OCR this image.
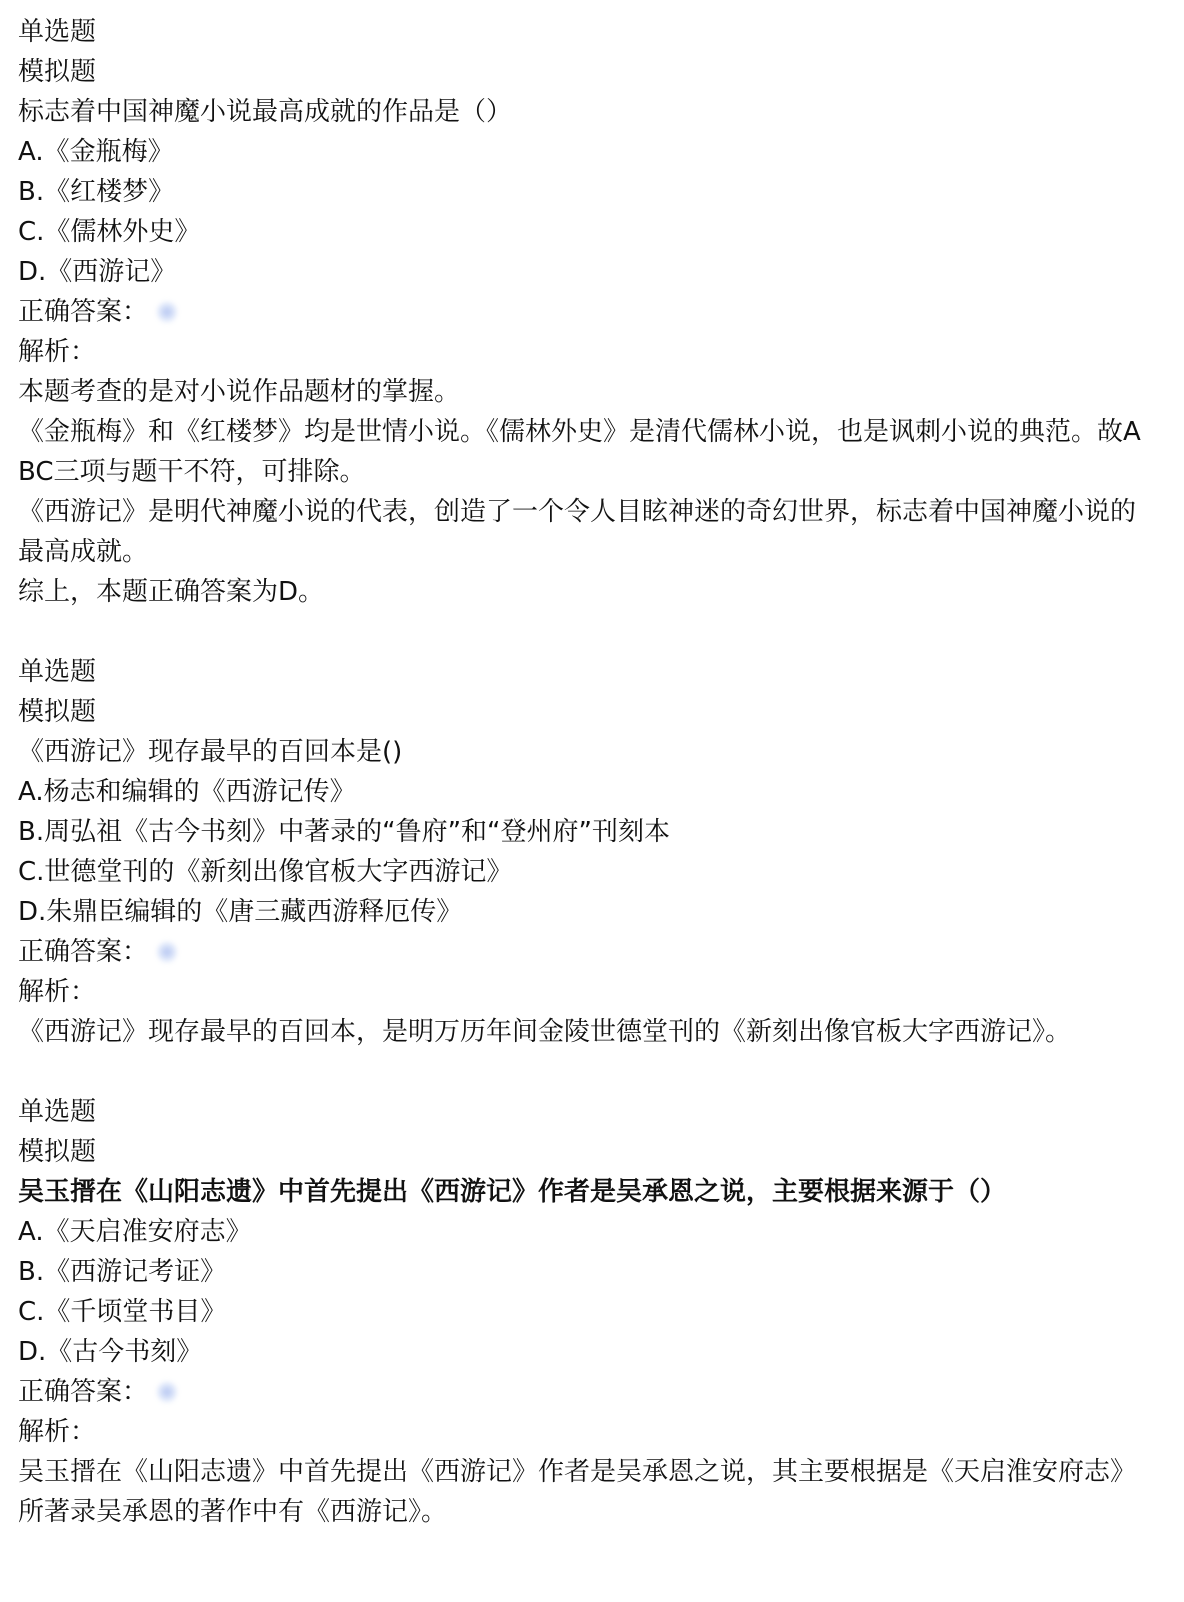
单选题
模拟题
标志着中国神魔小说最高成就的作品是（）
A.《金瓶梅》
B.《红楼梦》
C.《儒林外史》
D.《西游记》
正确答案：
解析：
本题考查的是对小说作品题材的掌握。
《金瓶梅》和《红楼梦》均是世情小说。《儒林外史》是清代儒林小说，也是讽刺小说的典范。故ABC三项与题干不符，可排除。
《西游记》是明代神魔小说的代表，创造了一个令人目眩神迷的奇幻世界，标志着中国神魔小说的最高成就。
综上，本题正确答案为D。
单选题
模拟题
《西游记》现存最早的百回本是()
A.杨志和编辑的《西游记传》
B.周弘祖《古今书刻》中著录的“鲁府”和“登州府”刊刻本
C.世德堂刊的《新刻出像官板大字西游记》
D.朱鼎臣编辑的《唐三藏西游释厄传》
正确答案：
解析：
《西游记》现存最早的百回本，是明万历年间金陵世德堂刊的《新刻出像官板大字西游记》。
单选题
模拟题
吴玉搢在《山阳志遗》中首先提出《西游记》作者是吴承恩之说，主要根据来源于（）
A.《天启准安府志》
B.《西游记考证》
C.《千顷堂书目》
D.《古今书刻》
正确答案：
解析：
吴玉搢在《山阳志遗》中首先提出《西游记》作者是吴承恩之说，其主要根据是《天启淮安府志》所著录吴承恩的著作中有《西游记》。
